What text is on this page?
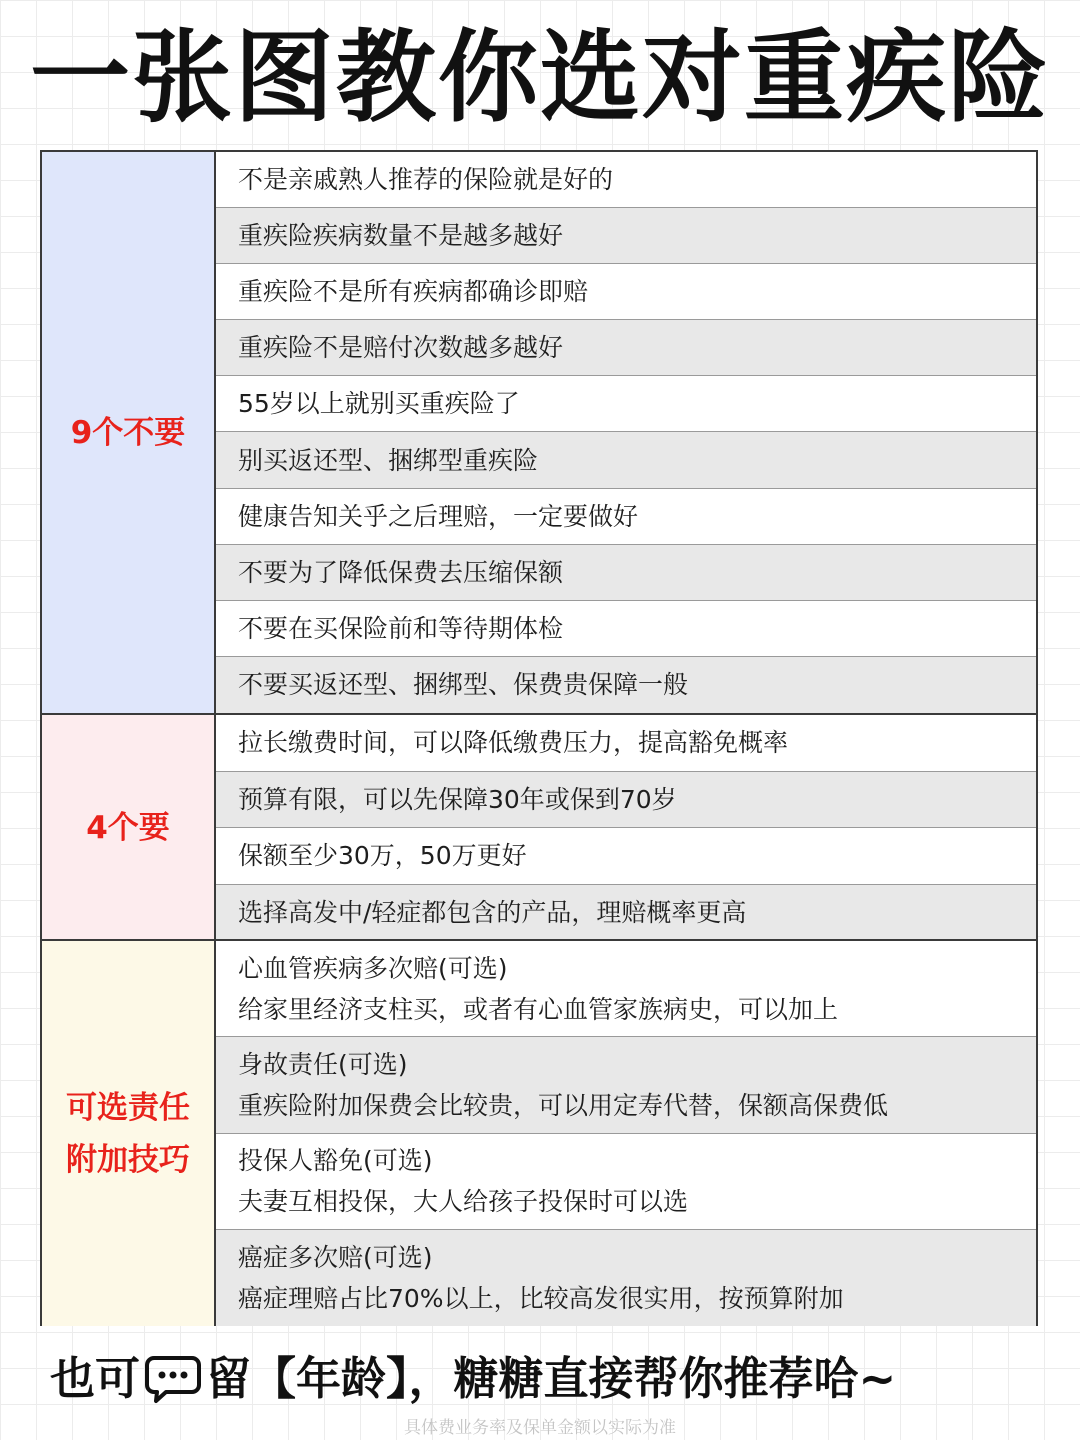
一张图教你选对重疾险
9个不要
不是亲戚熟人推荐的保险就是好的
重疾险疾病数量不是越多越好
重疾险不是所有疾病都确诊即赔
重疾险不是赔付次数越多越好
55岁以上就别买重疾险了
别买返还型、捆绑型重疾险
健康告知关乎之后理赔，一定要做好
不要为了降低保费去压缩保额
不要在买保险前和等待期体检
不要买返还型、捆绑型、保费贵保障一般
4个要
拉长缴费时间，可以降低缴费压力，提高豁免概率
预算有限，可以先保障30年或保到70岁
保额至少30万，50万更好
选择高发中/轻症都包含的产品，理赔概率更高
可选责任
附加技巧
心血管疾病多次赔(可选)
给家里经济支柱买，或者有心血管家族病史，可以加上
身故责任(可选)
重疾险附加保费会比较贵，可以用定寿代替，保额高保费低
投保人豁免(可选)
夫妻互相投保，大人给孩子投保时可以选
癌症多次赔(可选)
癌症理赔占比70%以上，比较高发很实用，按预算附加
也可 留【年龄】，糖糖直接帮你推荐哈~
具体费业务率及保单金额以实际为准
